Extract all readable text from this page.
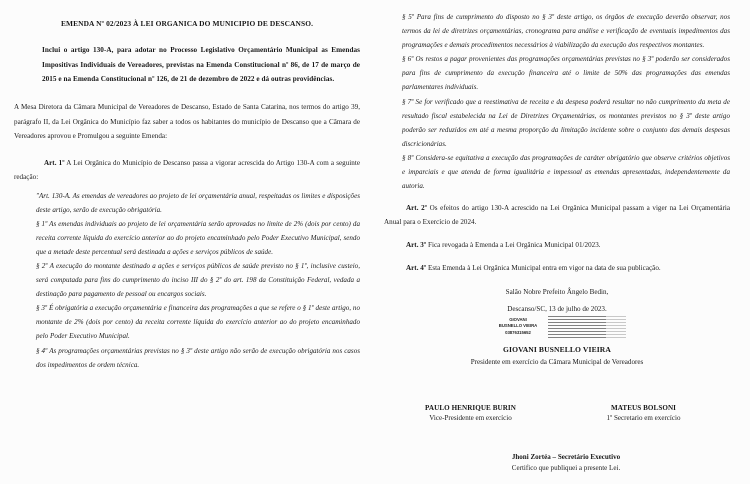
EMENDA Nº 02/2023 À LEI ORGANICA DO MUNICIPIO DE DESCANSO.
Inclui o artigo 130-A, para adotar no Processo Legislativo Orçamentário Municipal as Emendas Impositivas Individuais de Vereadores, previstas na Emenda Constitucional nº 86, de 17 de março de 2015 e na Emenda Constitucional nº 126, de 21 de dezembro de 2022 e dá outras providências.
A Mesa Diretora da Câmara Municipal de Vereadores de Descanso, Estado de Santa Catarina, nos termos do artigo 39, parágrafo II, da Lei Orgânica do Município faz saber a todos os habitantes do município de Descanso que a Câmara de Vereadores aprovou e Promulgou a seguinte Emenda:
Art. 1º A Lei Orgânica do Município de Descanso passa a vigorar acrescida do Artigo 130-A com a seguinte redação:

"Art. 130-A. As emendas de vereadores ao projeto de lei orçamentária anual, respeitadas os limites e disposições deste artigo, serão de execução obrigatória.

§ 1º As emendas individuais ao projeto de lei orçamentária serão aprovadas no limite de 2% (dois por cento) da receita corrente líquida do exercício anterior ao do projeto encaminhado pelo Poder Executivo Municipal, sendo que a metade deste percentual será destinada a ações e serviços públicos de saúde.

§ 2º A execução do montante destinado a ações e serviços públicos de saúde previsto no § 1º, inclusive custeio, será computada para fins do cumprimento do inciso III do § 2º do art. 198 da Constituição Federal, vedada a destinação para pagamento de pessoal ou encargos sociais.

§ 3º É obrigatória a execução orçamentária e financeira das programações a que se refere o § 1º deste artigo, no montante de 2% (dois por cento) da receita corrente líquida do exercício anterior ao do projeto encaminhado pelo Poder Executivo Municipal.

§ 4º As programações orçamentárias previstas no § 3º deste artigo não serão de execução obrigatória nos casos dos impedimentos de ordem técnica.

§ 5º Para fins de cumprimento do disposto no § 3º deste artigo, os órgãos de execução deverão observar, nos termos da lei de diretrizes orçamentárias, cronograma para análise e verificação de eventuais impedimentos das programações e demais procedimentos necessários à viabilização da execução dos respectivos montantes.

§ 6º Os restos a pagar provenientes das programações orçamentárias previstas no § 3º poderão ser considerados para fins de cumprimento da execução financeira até o limite de 50% das programações das emendas parlamentares individuais.

§ 7º Se for verificado que a reestimativa de receita e da despesa poderá resultar no não cumprimento da meta de resultado fiscal estabelecida na Lei de Diretrizes Orçamentárias, os montantes previstos no § 3º deste artigo poderão ser reduzidos em até a mesma proporção da limitação incidente sobre o conjunto das demais despesas discricionárias.

§ 8º Considera-se equitativa a execução das programações de caráter obrigatório que observe critérios objetivos e imparciais e que atenda de forma igualitária e impessoal as emendas apresentadas, independentemente da autoria.

Art. 2º Os efeitos do artigo 130-A acrescido na Lei Orgânica Municipal passam a viger na Lei Orçamentária Anual para o Exercício de 2024.
Art. 3º Fica revogada à Emenda a Lei Orgânica Municipal 01/2023.
Art. 4º Esta Emenda à Lei Orgânica Municipal entra em vigor na data de sua publicação.
Salão Nobre Prefeito Ângelo Bedin,
Descanso/SC, 13 de julho de 2023.
GIOVANI
BUSNELLO VIEIRA
03876315652
GIOVANI BUSNELLO VIEIRA
Presidente em exercício da Câmara Municipal de Vereadores
PAULO HENRIQUE BURIN
Vice-Presidente em exercício
MATEUS BOLSONI
1º Secretario em exercício
Jhoni Zortéa – Secretário Executivo
Certifico que publiquei a presente Lei.
